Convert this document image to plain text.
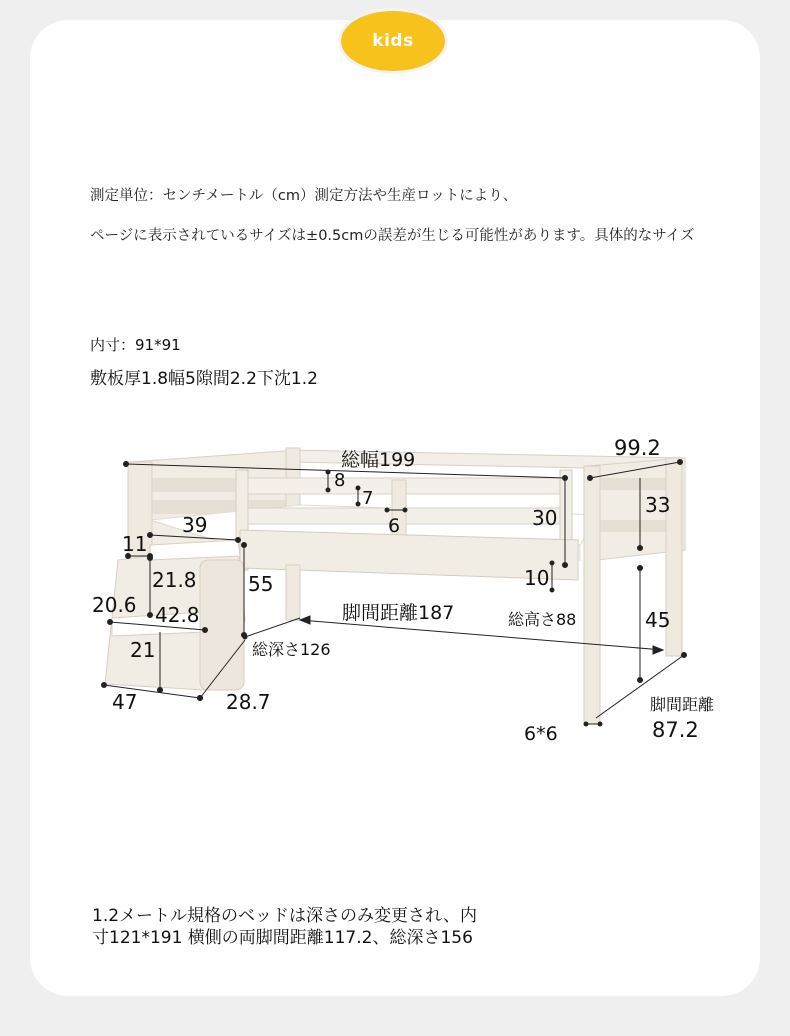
kids
測定単位：センチメートル（cm）測定方法や生産ロットにより、
ページに表示されているサイズは±0.5cmの誤差が生じる可能性があります。具体的なサイズ
内寸：91*91
敷板厚1.8幅5隙間2.2下沈1.2
総幅199	99.2
8
7
6
39	30
33
11
21.8	55	10
20.6 42.8	脚間距離187	総高さ88	45
21	総深さ126
47	28.7
6*6
脚間距離
87.2
1.2メートル規格のベッドは深さのみ変更され、内
寸121*191 横側の両脚間距離117.2、総深さ156
